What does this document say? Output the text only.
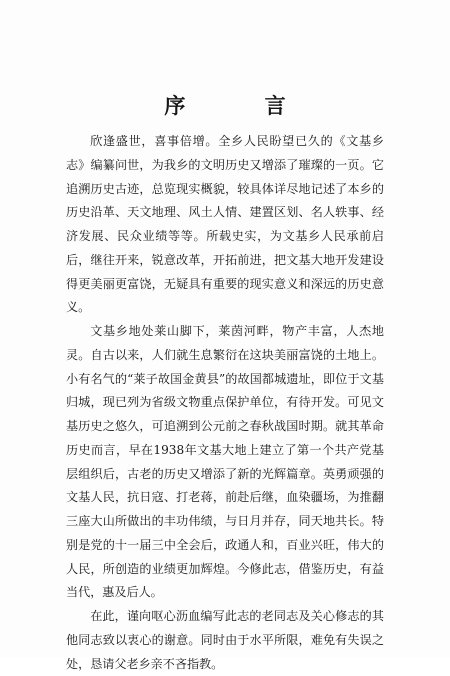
序 言

欣逢盛世，喜事倍增。全乡人民盼望已久的《文基乡志》编纂问世，为我乡的文明历史又增添了璀璨的一页。它追溯历史古迹，总览现实概貌，较具体详尽地记述了本乡的历史沿革、天文地理、风土人情、建置区划、名人轶事、经济发展、民众业绩等等。所载史实，为文基乡人民承前启后，继往开来，锐意改革，开拓前进，把文基大地开发建设得更美丽更富饶，无疑具有重要的现实意义和深远的历史意义。

文基乡地处莱山脚下，莱茵河畔，物产丰富，人杰地灵。自古以来，人们就生息繁衍在这块美丽富饶的土地上。小有名气的“莱子故国金黄县”的故国都城遗址，即位于文基归城，现已列为省级文物重点保护单位，有待开发。可见文基历史之悠久，可追溯到公元前之春秋战国时期。就其革命历史而言，早在1938年文基大地上建立了第一个共产党基层组织后，古老的历史又增添了新的光辉篇章。英勇顽强的文基人民，抗日寇、打老蒋，前赴后继，血染疆场，为推翻三座大山所做出的丰功伟绩，与日月并存，同天地共长。特别是党的十一届三中全会后，政通人和，百业兴旺，伟大的人民，所创造的业绩更加辉煌。今修此志，借鉴历史，有益当代，惠及后人。

在此，谨向呕心沥血编写此志的老同志及关心修志的其他同志致以衷心的谢意。同时由于水平所限，难免有失误之处，恳请父老乡亲不吝指教。
